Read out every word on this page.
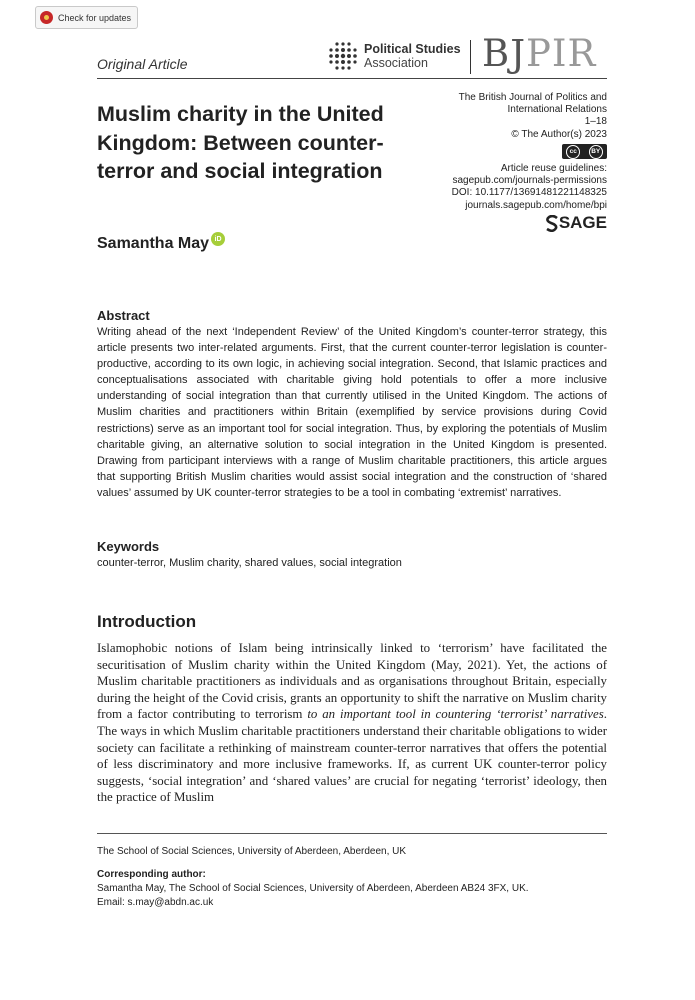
Check for updates
Original Article
Political Studies
Association	BJPIR
The British Journal of Politics and
International Relations
1–18
© The Author(s) 2023
cc	BY
Article reuse guidelines:
sagepub.com/journals-permissions
DOI: 10.1177/13691481221148325
journals.sagepub.com/home/bpi
SAGE
Muslim charity in the United
Kingdom: Between counter-
terror and social integration
Samantha May iD
Abstract
Writing ahead of the next ‘Independent Review’ of the United Kingdom’s counter-terror strategy, this article presents two inter-related arguments. First, that the current counter-terror legislation is counter-productive, according to its own logic, in achieving social integration. Second, that Islamic practices and conceptualisations associated with charitable giving hold potentials to offer a more inclusive understanding of social integration than that currently utilised in the United Kingdom. The actions of Muslim charities and practitioners within Britain (exemplified by service provisions during Covid restrictions) serve as an important tool for social integration. Thus, by exploring the potentials of Muslim charitable giving, an alternative solution to social integration in the United Kingdom is presented. Drawing from participant interviews with a range of Muslim charitable practitioners, this article argues that supporting British Muslim charities would assist social integration and the construction of ‘shared values’ assumed by UK counter-terror strategies to be a tool in combating ‘extremist’ narratives.
Keywords
counter-terror, Muslim charity, shared values, social integration
Introduction
Islamophobic notions of Islam being intrinsically linked to ‘terrorism’ have facilitated the securitisation of Muslim charity within the United Kingdom (May, 2021). Yet, the actions of Muslim charitable practitioners as individuals and as organisations throughout Britain, especially during the height of the Covid crisis, grants an opportunity to shift the narrative on Muslim charity from a factor contributing to terrorism to an important tool in countering ‘terrorist’ narratives. The ways in which Muslim charitable practitioners understand their charitable obligations to wider society can facilitate a rethinking of mainstream counter-terror narratives that offers the potential of less discriminatory and more inclusive frameworks. If, as current UK counter-terror policy suggests, ‘social integration’ and ‘shared values’ are crucial for negating ‘terrorist’ ideology, then the practice of Muslim
The School of Social Sciences, University of Aberdeen, Aberdeen, UK
Corresponding author:
Samantha May, The School of Social Sciences, University of Aberdeen, Aberdeen AB24 3FX, UK.
Email: s.may@abdn.ac.uk
